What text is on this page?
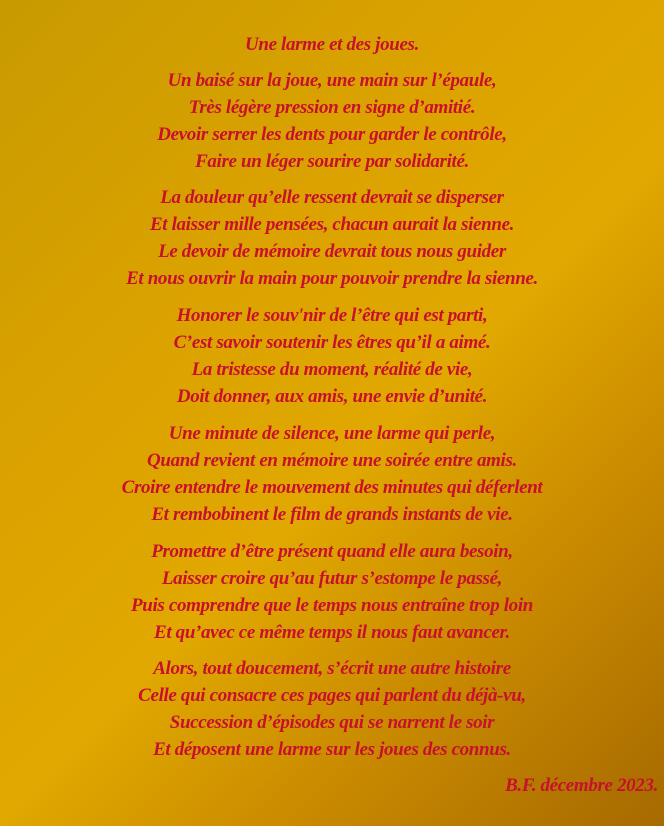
Une larme et des joues.
Un baisé sur la joue, une main sur l’épaule,
Très légère pression en signe d’amitié.
Devoir serrer les dents pour garder le contrôle,
Faire un léger sourire par solidarité.
La douleur qu’elle ressent devrait se disperser
Et laisser mille pensées, chacun aurait la sienne.
Le devoir de mémoire devrait tous nous guider
Et nous ouvrir la main pour pouvoir prendre la sienne.
Honorer le souv'nir de l’être qui est parti,
C’est savoir soutenir les êtres qu’il a aimé.
La tristesse du moment, réalité de vie,
Doit donner, aux amis, une envie d’unité.
Une minute de silence, une larme qui perle,
Quand revient en mémoire une soirée entre amis.
Croire entendre le mouvement des minutes qui déferlent
Et rembobinent le film de grands instants de vie.
Promettre d’être présent quand elle aura besoin,
Laisser croire qu’au futur s’estompe le passé,
Puis comprendre que le temps nous entraîne trop loin
Et qu’avec ce même temps il nous faut avancer.
Alors, tout doucement, s’écrit une autre histoire
Celle qui consacre ces pages qui parlent du déjà-vu,
Succession d’épisodes qui se narrent le soir
Et déposent une larme sur les joues des connus.
B.F. décembre 2023.
